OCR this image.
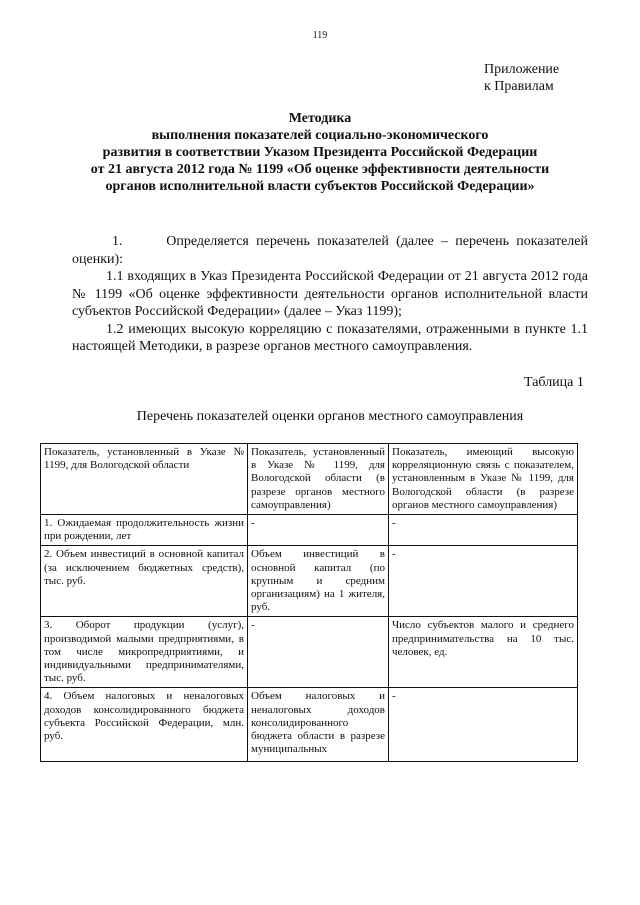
119
Приложение
к Правилам
Методика
выполнения показателей социально-экономического
развития в соответствии Указом Президента Российской Федерации
от 21 августа 2012 года № 1199 «Об оценке эффективности деятельности
органов исполнительной власти субъектов Российской Федерации»

1.      Определяется перечень показателей (далее – перечень показателей оценки):

1.1 входящих в Указ Президента Российской Федерации от 21 августа 2012 года № 1199 «Об оценке эффективности деятельности органов исполнительной власти субъектов Российской Федерации» (далее – Указ 1199);

1.2 имеющих высокую корреляцию с показателями, отраженными в пункте 1.1 настоящей Методики, в разрезе органов местного самоуправления.

Таблица 1
Перечень показателей оценки органов местного самоуправления
Показатель, установленный в Указе № 1199, для Вологодской области	Показатель, установленный в Указе № 1199, для Вологодской области (в разрезе органов местного самоуправления)	Показатель, имеющий высокую корреляционную связь с показателем, установленным в Указе № 1199, для Вологодской области (в разрезе органов местного самоуправления)
1. Ожидаемая продолжительность жизни при рождении, лет	-	-
2. Объем инвестиций в основной капитал (за исключением бюджетных средств), тыс. руб.	Объем инвестиций в основной капитал (по крупным и средним организациям) на 1 жителя, руб.	-
3. Оборот продукции (услуг), производимой малыми предприятиями, в том числе микропредприятиями, и индивидуальными предпринимателями, тыс. руб.	-	Число субъектов малого и среднего предпринимательства на 10 тыс. человек, ед.
4. Объем налоговых и неналоговых доходов консолидированного бюджета субъекта Российской Федерации, млн. руб.	Объем налоговых и неналоговых доходов консолидированного бюджета области в разрезе муниципальных	-
